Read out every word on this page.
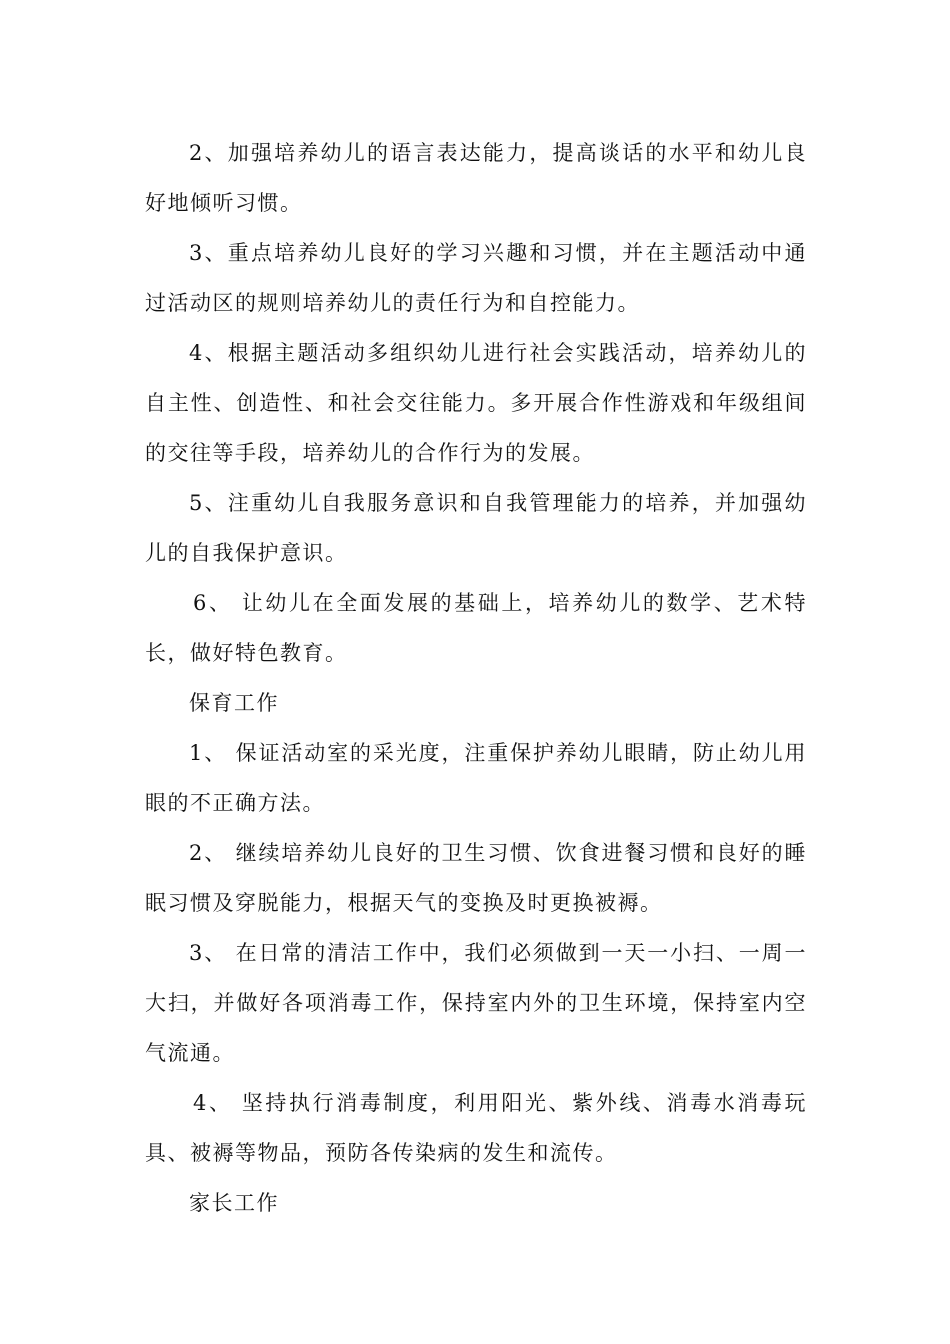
2、加强培养幼儿的语言表达能力，提高谈话的水平和幼儿良好地倾听习惯。

3、重点培养幼儿良好的学习兴趣和习惯，并在主题活动中通过活动区的规则培养幼儿的责任行为和自控能力。

4、根据主题活动多组织幼儿进行社会实践活动，培养幼儿的自主性、创造性、和社会交往能力。多开展合作性游戏和年级组间的交往等手段，培养幼儿的合作行为的发展。

5、注重幼儿自我服务意识和自我管理能力的培养，并加强幼儿的自我保护意识。

6、 让幼儿在全面发展的基础上，培养幼儿的数学、艺术特长，做好特色教育。

保育工作

1、 保证活动室的采光度，注重保护养幼儿眼睛，防止幼儿用眼的不正确方法。

2、 继续培养幼儿良好的卫生习惯、饮食进餐习惯和良好的睡眠习惯及穿脱能力，根据天气的变换及时更换被褥。

3、 在日常的清洁工作中，我们必须做到一天一小扫、一周一大扫，并做好各项消毒工作，保持室内外的卫生环境，保持室内空气流通。

4、 坚持执行消毒制度，利用阳光、紫外线、消毒水消毒玩具、被褥等物品，预防各传染病的发生和流传。

家长工作
